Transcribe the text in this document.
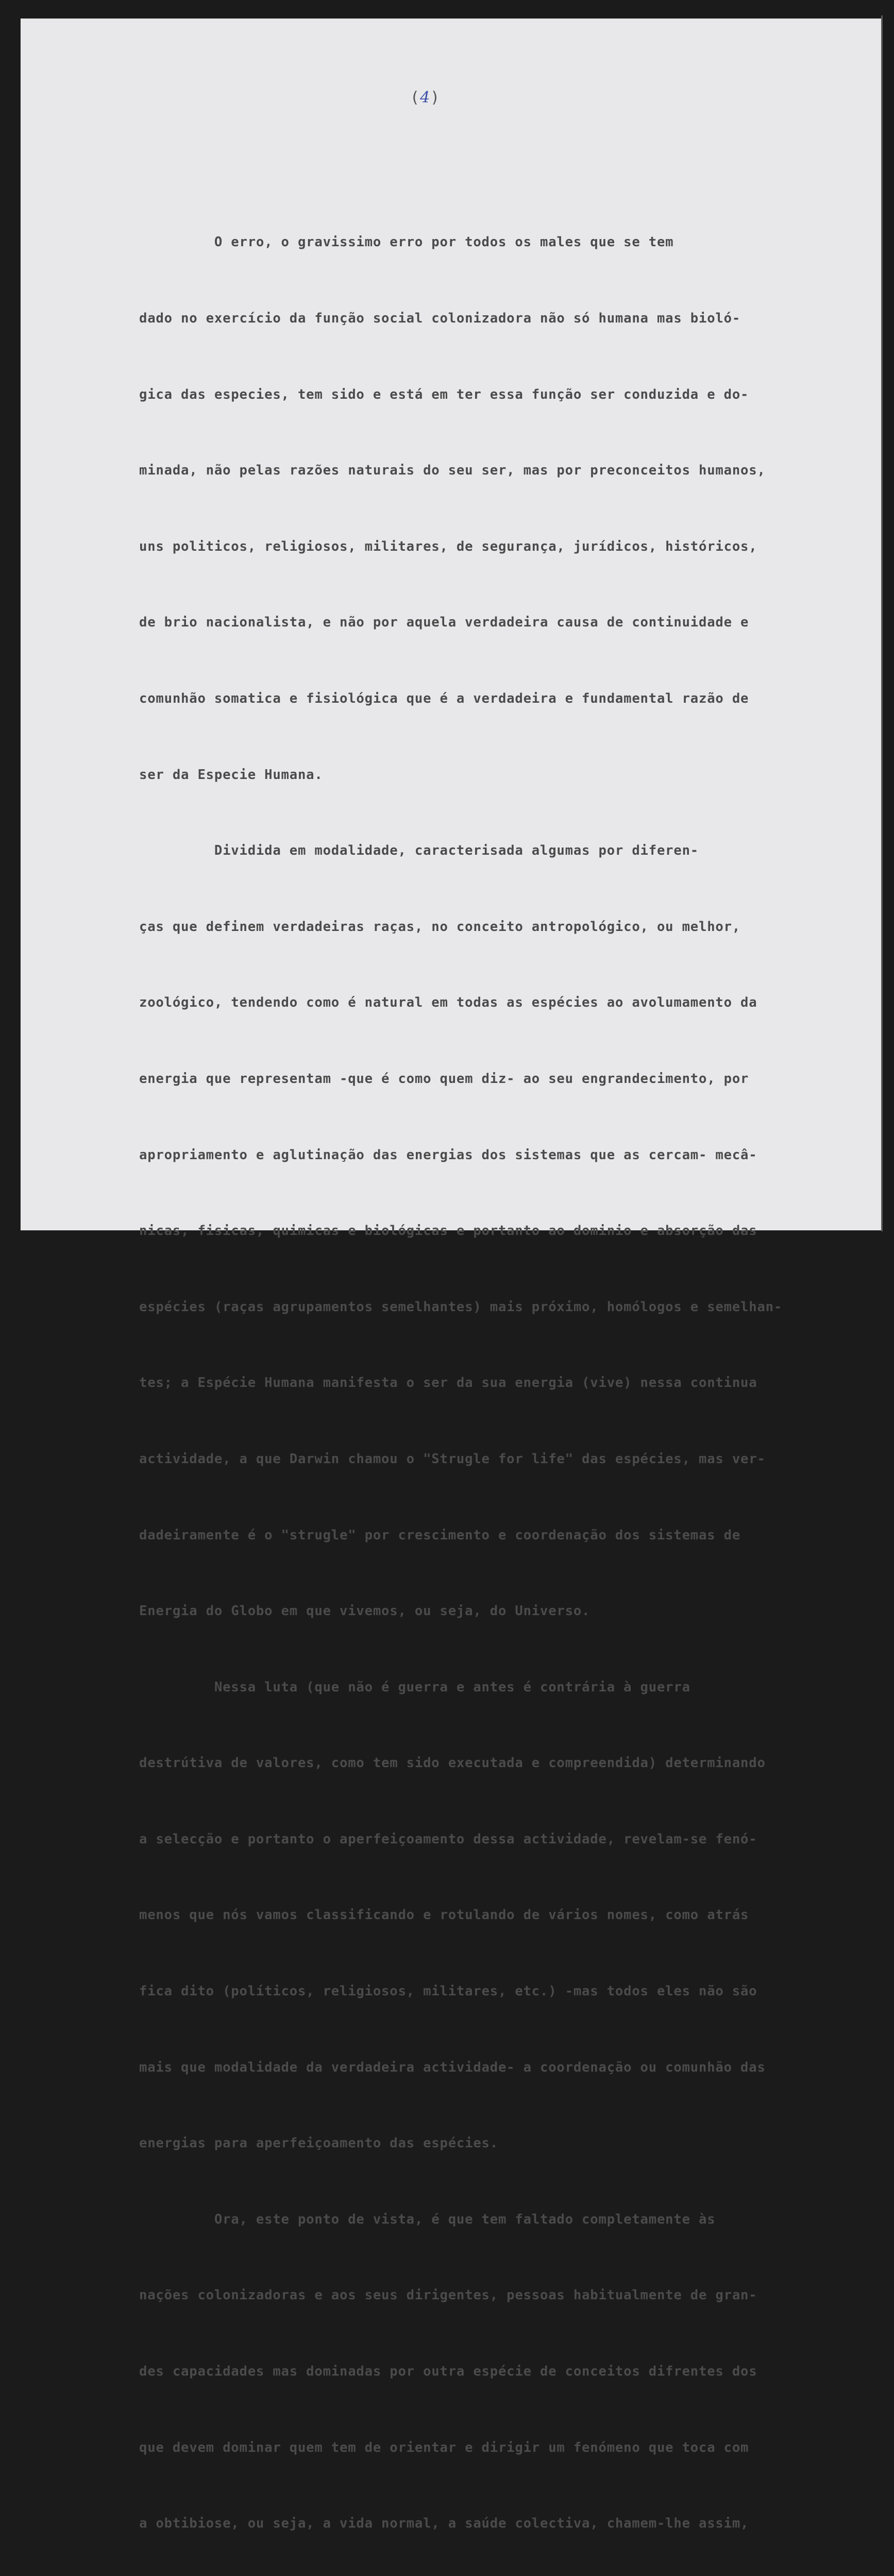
(4)

O erro, o gravissimo erro por todos os males que se tem

dado no exercício da função social colonizadora não só humana mas bioló-

gica das especies, tem sido e está em ter essa função ser conduzida e do-

minada, não pelas razões naturais do seu ser, mas por preconceitos humanos,

uns politicos, religiosos, militares, de segurança, jurídicos, históricos,

de brio nacionalista, e não por aquela verdadeira causa de continuidade e

comunhão somatica e fisiológica que é a verdadeira e fundamental razão de

ser da Especie Humana.

Dividida em modalidade, caracterisada algumas por diferen-

ças que definem verdadeiras raças, no conceito antropológico, ou melhor,

zoológico, tendendo como é natural em todas as espécies ao avolumamento da

energia que representam -que é como quem diz- ao seu engrandecimento, por

apropriamento e aglutinação das energias dos sistemas que as cercam- mecâ-

nicas, fisicas, quimicas e biológicas e portanto ao dominio e absorção das

espécies (raças agrupamentos semelhantes) mais próximo, homólogos e semelhan-

tes; a Espécie Humana manifesta o ser da sua energia (vive) nessa continua

actividade, a que Darwin chamou o "Strugle for life" das espécies, mas ver-

dadeiramente é o "strugle" por crescimento e coordenação dos sistemas de

Energia do Globo em que vivemos, ou seja, do Universo.

Nessa luta (que não é guerra e antes é contrária à guerra

destrútiva de valores, como tem sido executada e compreendida) determinando

a selecção e portanto o aperfeiçoamento dessa actividade, revelam-se fenó-

menos que nós vamos classificando e rotulando de vários nomes, como atrás

fica dito (políticos, religiosos, militares, etc.) -mas todos eles não são

mais que modalidade da verdadeira actividade- a coordenação ou comunhão das

energias para aperfeiçoamento das espécies.

Ora, este ponto de vista, é que tem faltado completamente às

nações colonizadoras e aos seus dirigentes, pessoas habitualmente de gran-

des capacidades mas dominadas por outra espécie de conceitos difrentes dos

que devem dominar quem tem de orientar e dirigir um fenómeno que toca com

a obtibiose, ou seja, a vida normal, a saúde colectiva, chamem-lhe assim,
